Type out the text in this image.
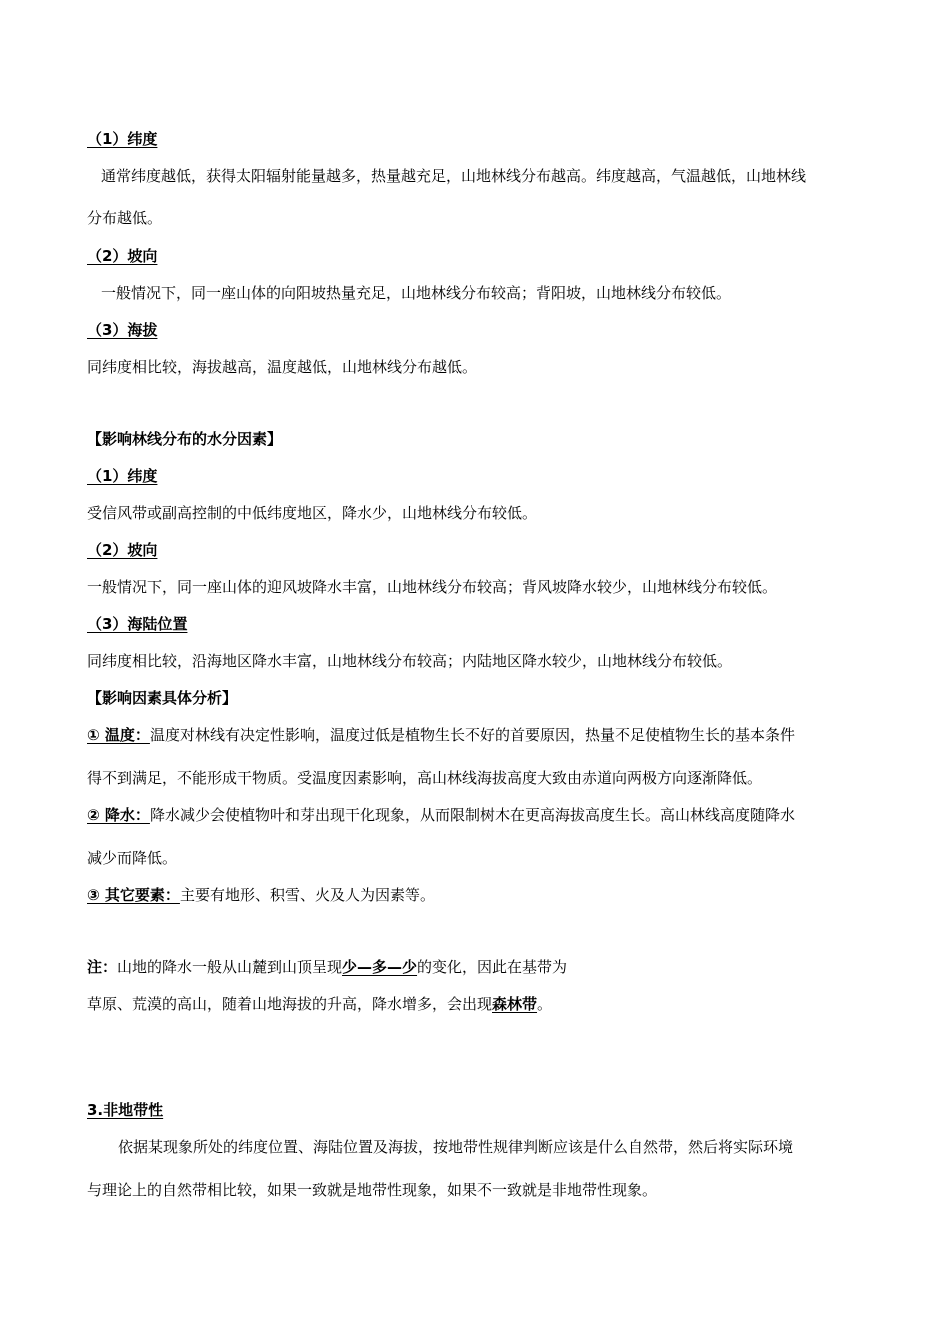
（1）纬度
通常纬度越低，获得太阳辐射能量越多，热量越充足，山地林线分布越高。纬度越高，气温越低，山地林线
分布越低。
（2）坡向
一般情况下，同一座山体的向阳坡热量充足，山地林线分布较高；背阳坡，山地林线分布较低。
（3）海拔
同纬度相比较，海拔越高，温度越低，山地林线分布越低。
【影响林线分布的水分因素】
（1）纬度
受信风带或副高控制的中低纬度地区，降水少，山地林线分布较低。
（2）坡向
一般情况下，同一座山体的迎风坡降水丰富，山地林线分布较高；背风坡降水较少，山地林线分布较低。
（3）海陆位置
同纬度相比较，沿海地区降水丰富，山地林线分布较高；内陆地区降水较少，山地林线分布较低。
【影响因素具体分析】
① 温度：温度对林线有决定性影响，温度过低是植物生长不好的首要原因，热量不足使植物生长的基本条件
得不到满足，不能形成干物质。受温度因素影响，高山林线海拔高度大致由赤道向两极方向逐渐降低。
② 降水：降水减少会使植物叶和芽出现干化现象，从而限制树木在更高海拔高度生长。高山林线高度随降水
减少而降低。
③ 其它要素：主要有地形、积雪、火及人为因素等。
注：山地的降水一般从山麓到山顶呈现少—多—少的变化，因此在基带为
草原、荒漠的高山，随着山地海拔的升高，降水增多，会出现森林带。
3.非地带性
依据某现象所处的纬度位置、海陆位置及海拔，按地带性规律判断应该是什么自然带，然后将实际环境
与理论上的自然带相比较，如果一致就是地带性现象，如果不一致就是非地带性现象。
